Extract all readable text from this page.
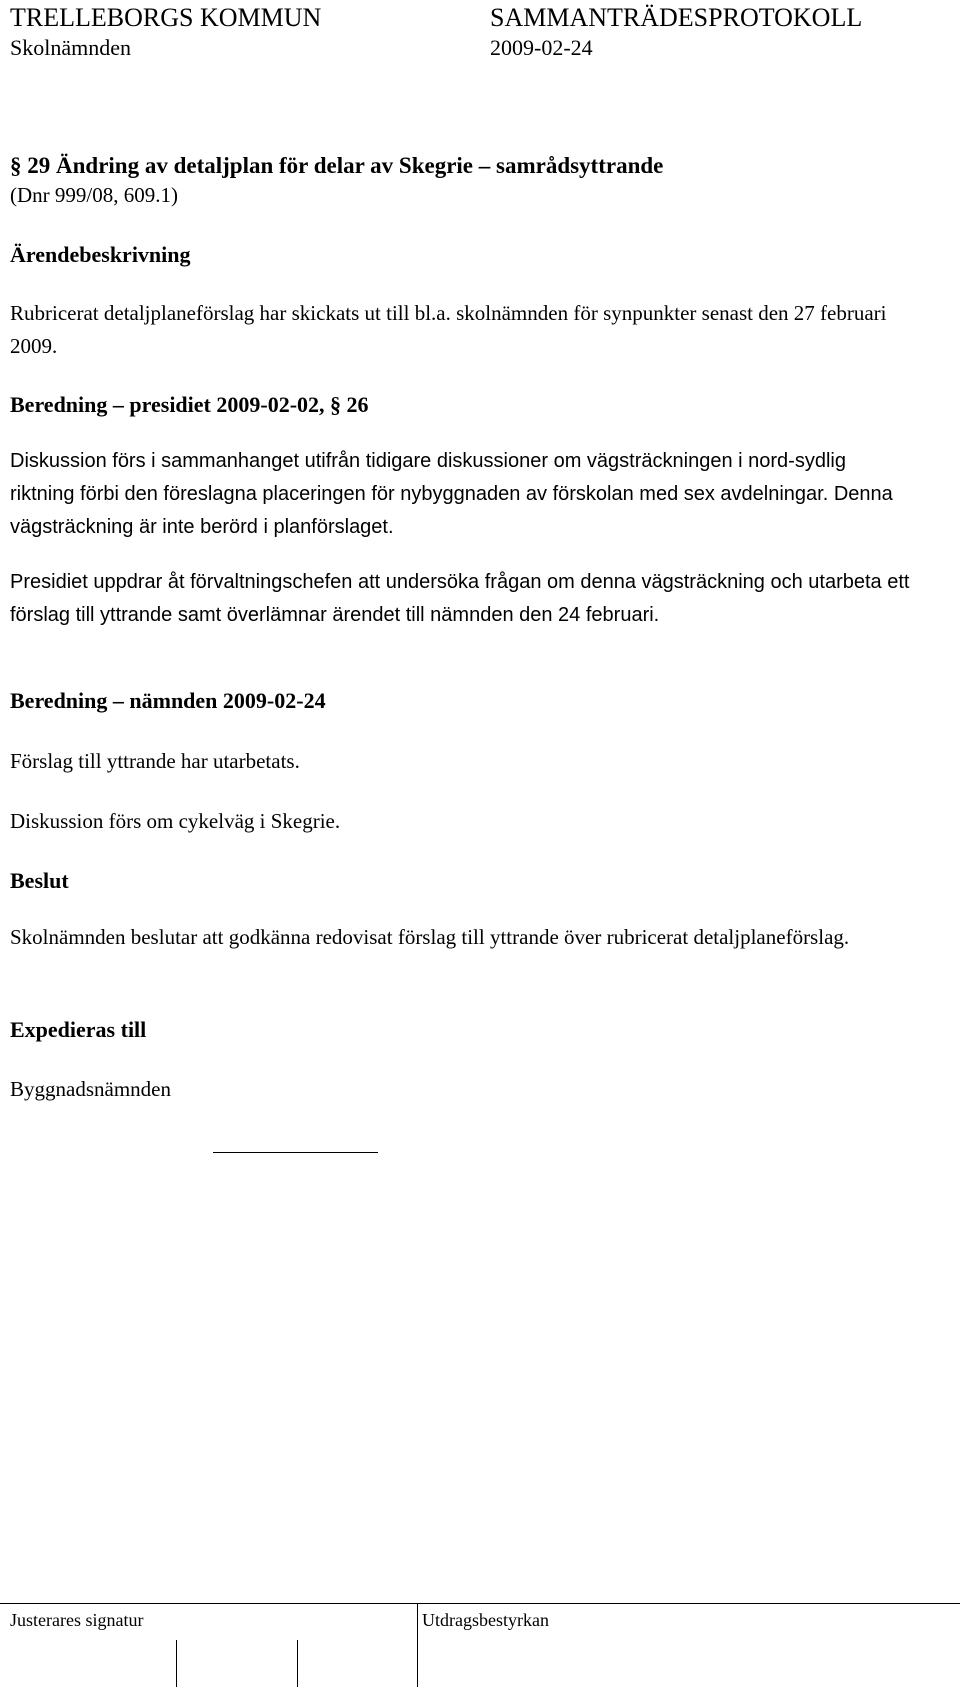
TRELLEBORGS KOMMUN	SAMMANTRÄDESPROTOKOLL
Skolnämnden	2009-02-24
§ 29 Ändring av detaljplan för delar av Skegrie – samrådsyttrande
(Dnr 999/08, 609.1)
Ärendebeskrivning
Rubricerat detaljplaneförslag har skickats ut till bl.a. skolnämnden för synpunkter senast den 27 februari 2009.
Beredning – presidiet 2009-02-02, § 26
Diskussion förs i sammanhanget utifrån tidigare diskussioner om vägsträckningen i nord-sydlig riktning förbi den föreslagna placeringen för nybyggnaden av förskolan med sex avdelningar. Denna vägsträckning är inte berörd i planförslaget.
Presidiet uppdrar åt förvaltningschefen att undersöka frågan om denna vägsträckning och utarbeta ett förslag till yttrande samt överlämnar ärendet till nämnden den 24 februari.
Beredning – nämnden 2009-02-24
Förslag till yttrande har utarbetats.
Diskussion förs om cykelväg i Skegrie.
Beslut
Skolnämnden beslutar att godkänna redovisat förslag till yttrande över rubricerat detaljplaneförslag.
Expedieras till
Byggnadsnämnden
Justerares signatur	Utdragsbestyrkan
